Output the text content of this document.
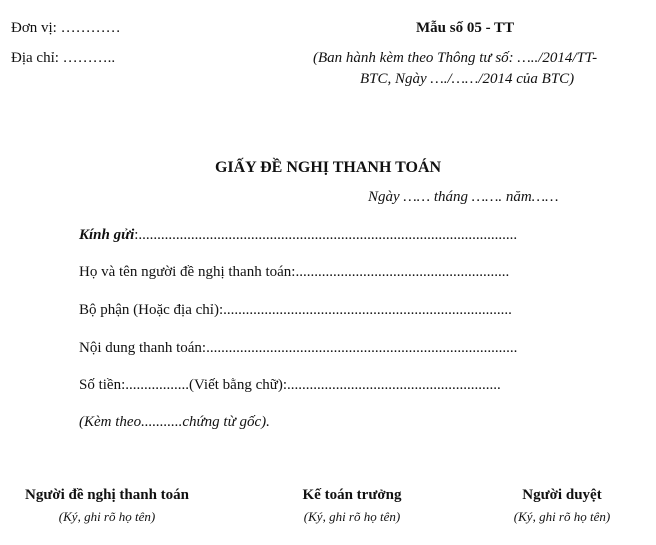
Đơn vị: …………
Địa chỉ: ………..
Mẫu số 05 - TT
(Ban hành kèm theo Thông tư số: …../2014/TT-
BTC, Ngày …./……/2014 của BTC)
GIẤY ĐỀ NGHỊ THANH TOÁN
Ngày …… tháng ……. năm……
Kính gửi:.....................................................................................................
Họ và tên người đề nghị thanh toán:.........................................................
Bộ phận (Hoặc địa chỉ):.............................................................................
Nội dung thanh toán:...................................................................................
Số tiền:.................(Viết bằng chữ):.........................................................
(Kèm theo...........chứng từ gốc).
Người đề nghị thanh toán
(Ký, ghi rõ họ tên)
Kế toán trưởng
(Ký, ghi rõ họ tên)
Người duyệt
(Ký, ghi rõ họ tên)
